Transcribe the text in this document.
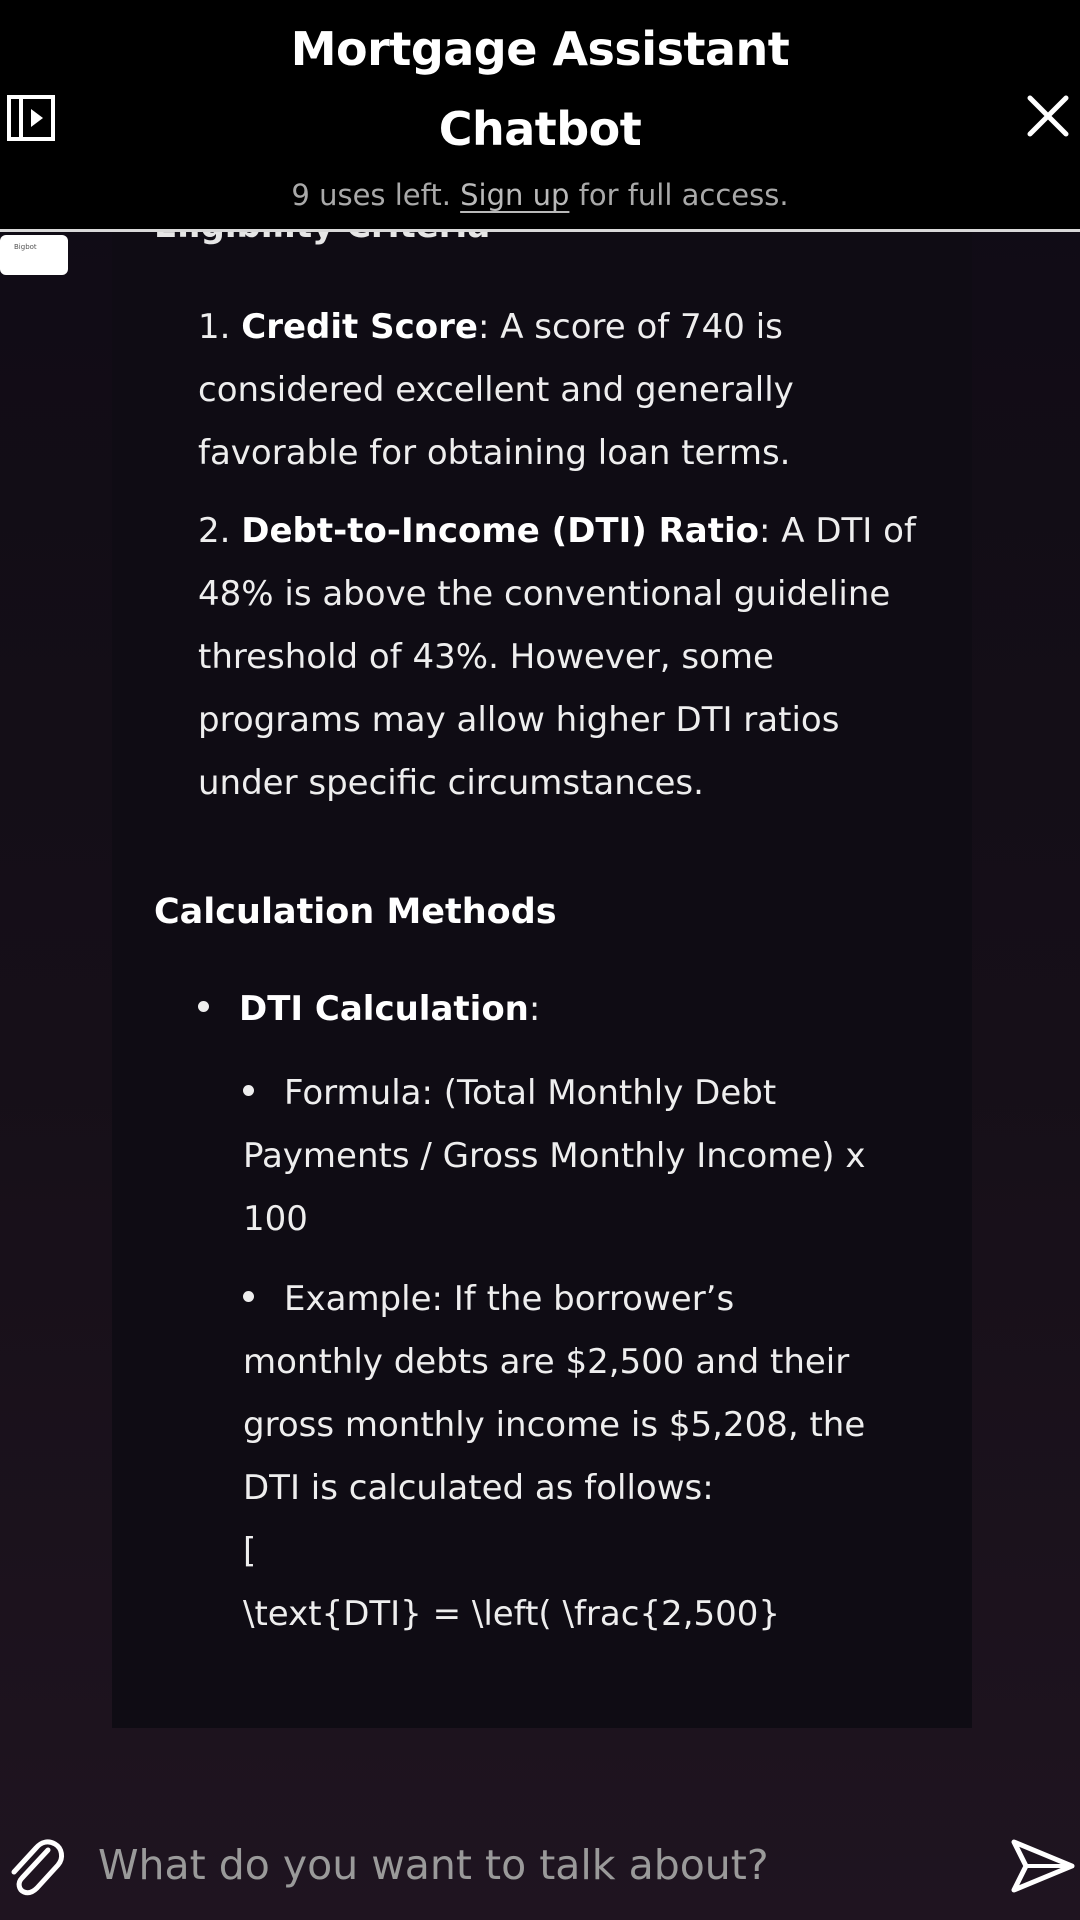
Mortgage Assistant
Chatbot
9 uses left. Sign up for full access.
Bigbot
1. Credit Score: A score of 740 is considered excellent and generally favorable for obtaining loan terms.
2. Debt-to-Income (DTI) Ratio: A DTI of 48% is above the conventional guideline threshold of 43%. However, some programs may allow higher DTI ratios under specific circumstances.
Calculation Methods
DTI Calculation:
Formula: (Total Monthly Debt Payments / Gross Monthly Income) x 100
Example: If the borrower’s monthly debts are $2,500 and their gross monthly income is $5,208, the DTI is calculated as follows:
[
\text{DTI} = \left( \frac{2,500}
What do you want to talk about?
